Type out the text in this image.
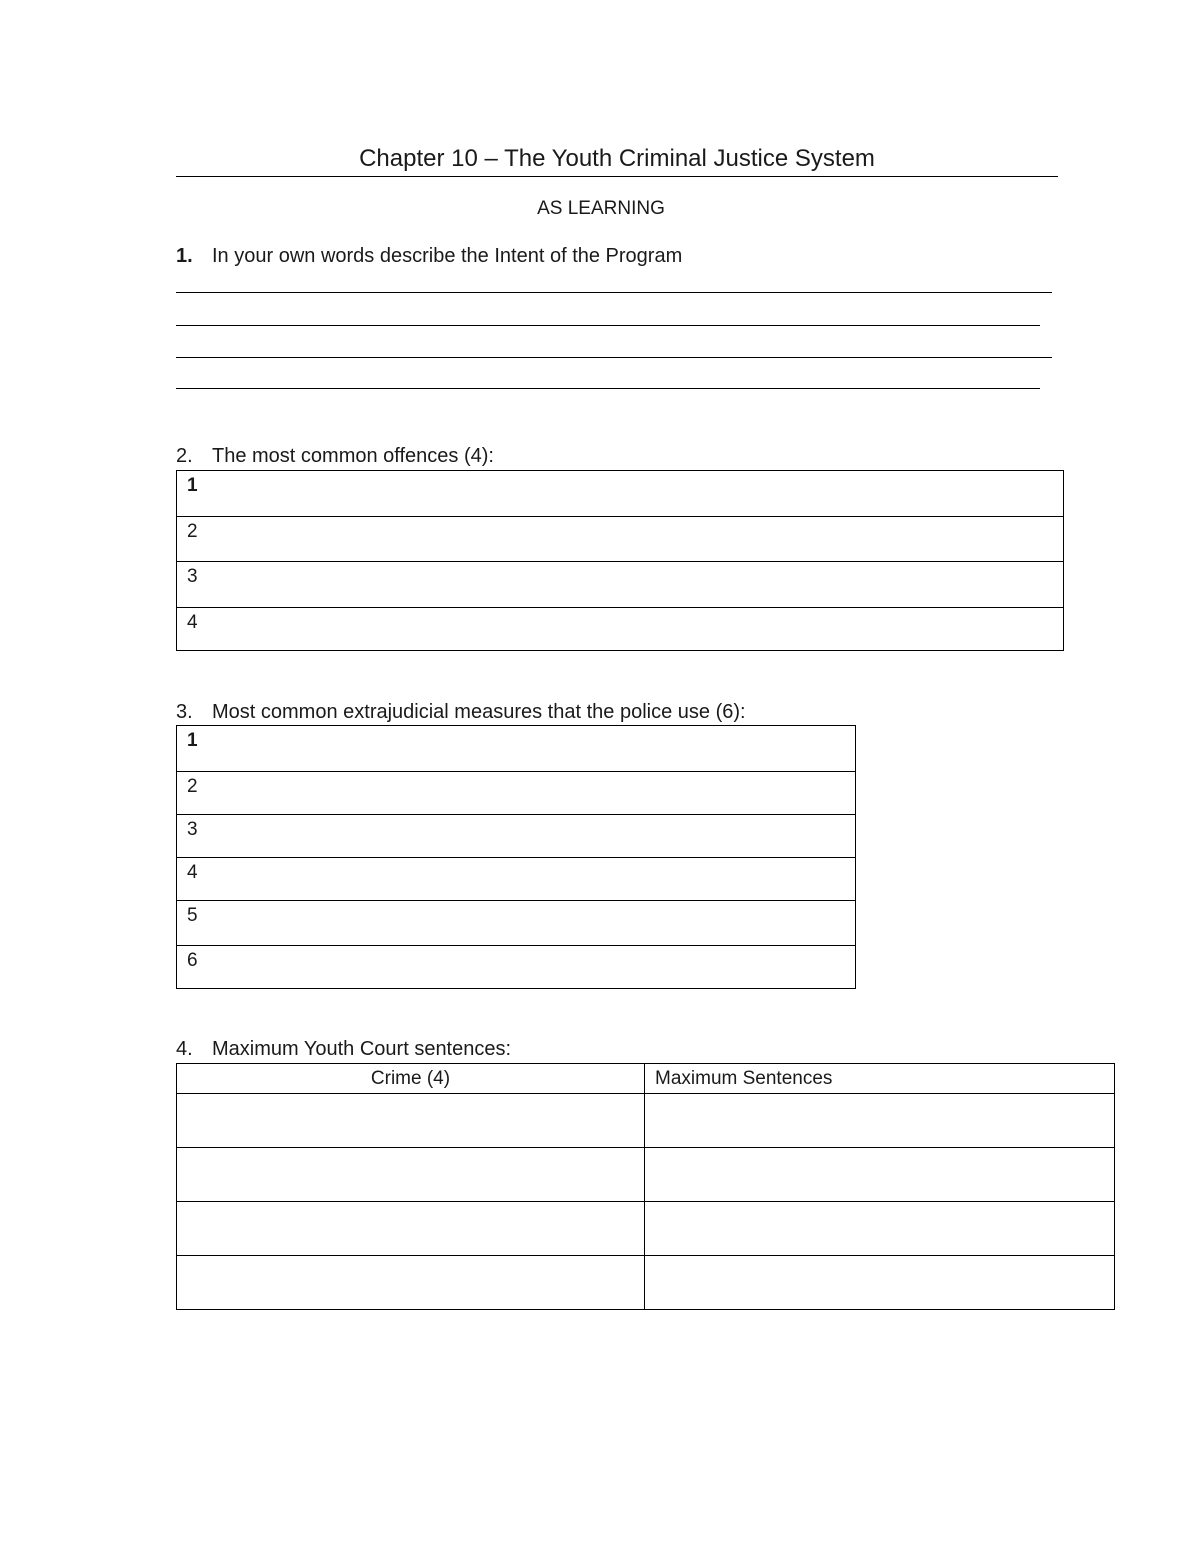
Chapter 10 – The Youth Criminal Justice System
AS LEARNING
1. In your own words describe the Intent of the Program
2. The most common offences (4):
1
2
3
4
3. Most common extrajudicial measures that the police use (6):
1
2
3
4
5
6
4. Maximum Youth Court sentences:
Crime (4)	Maximum Sentences
